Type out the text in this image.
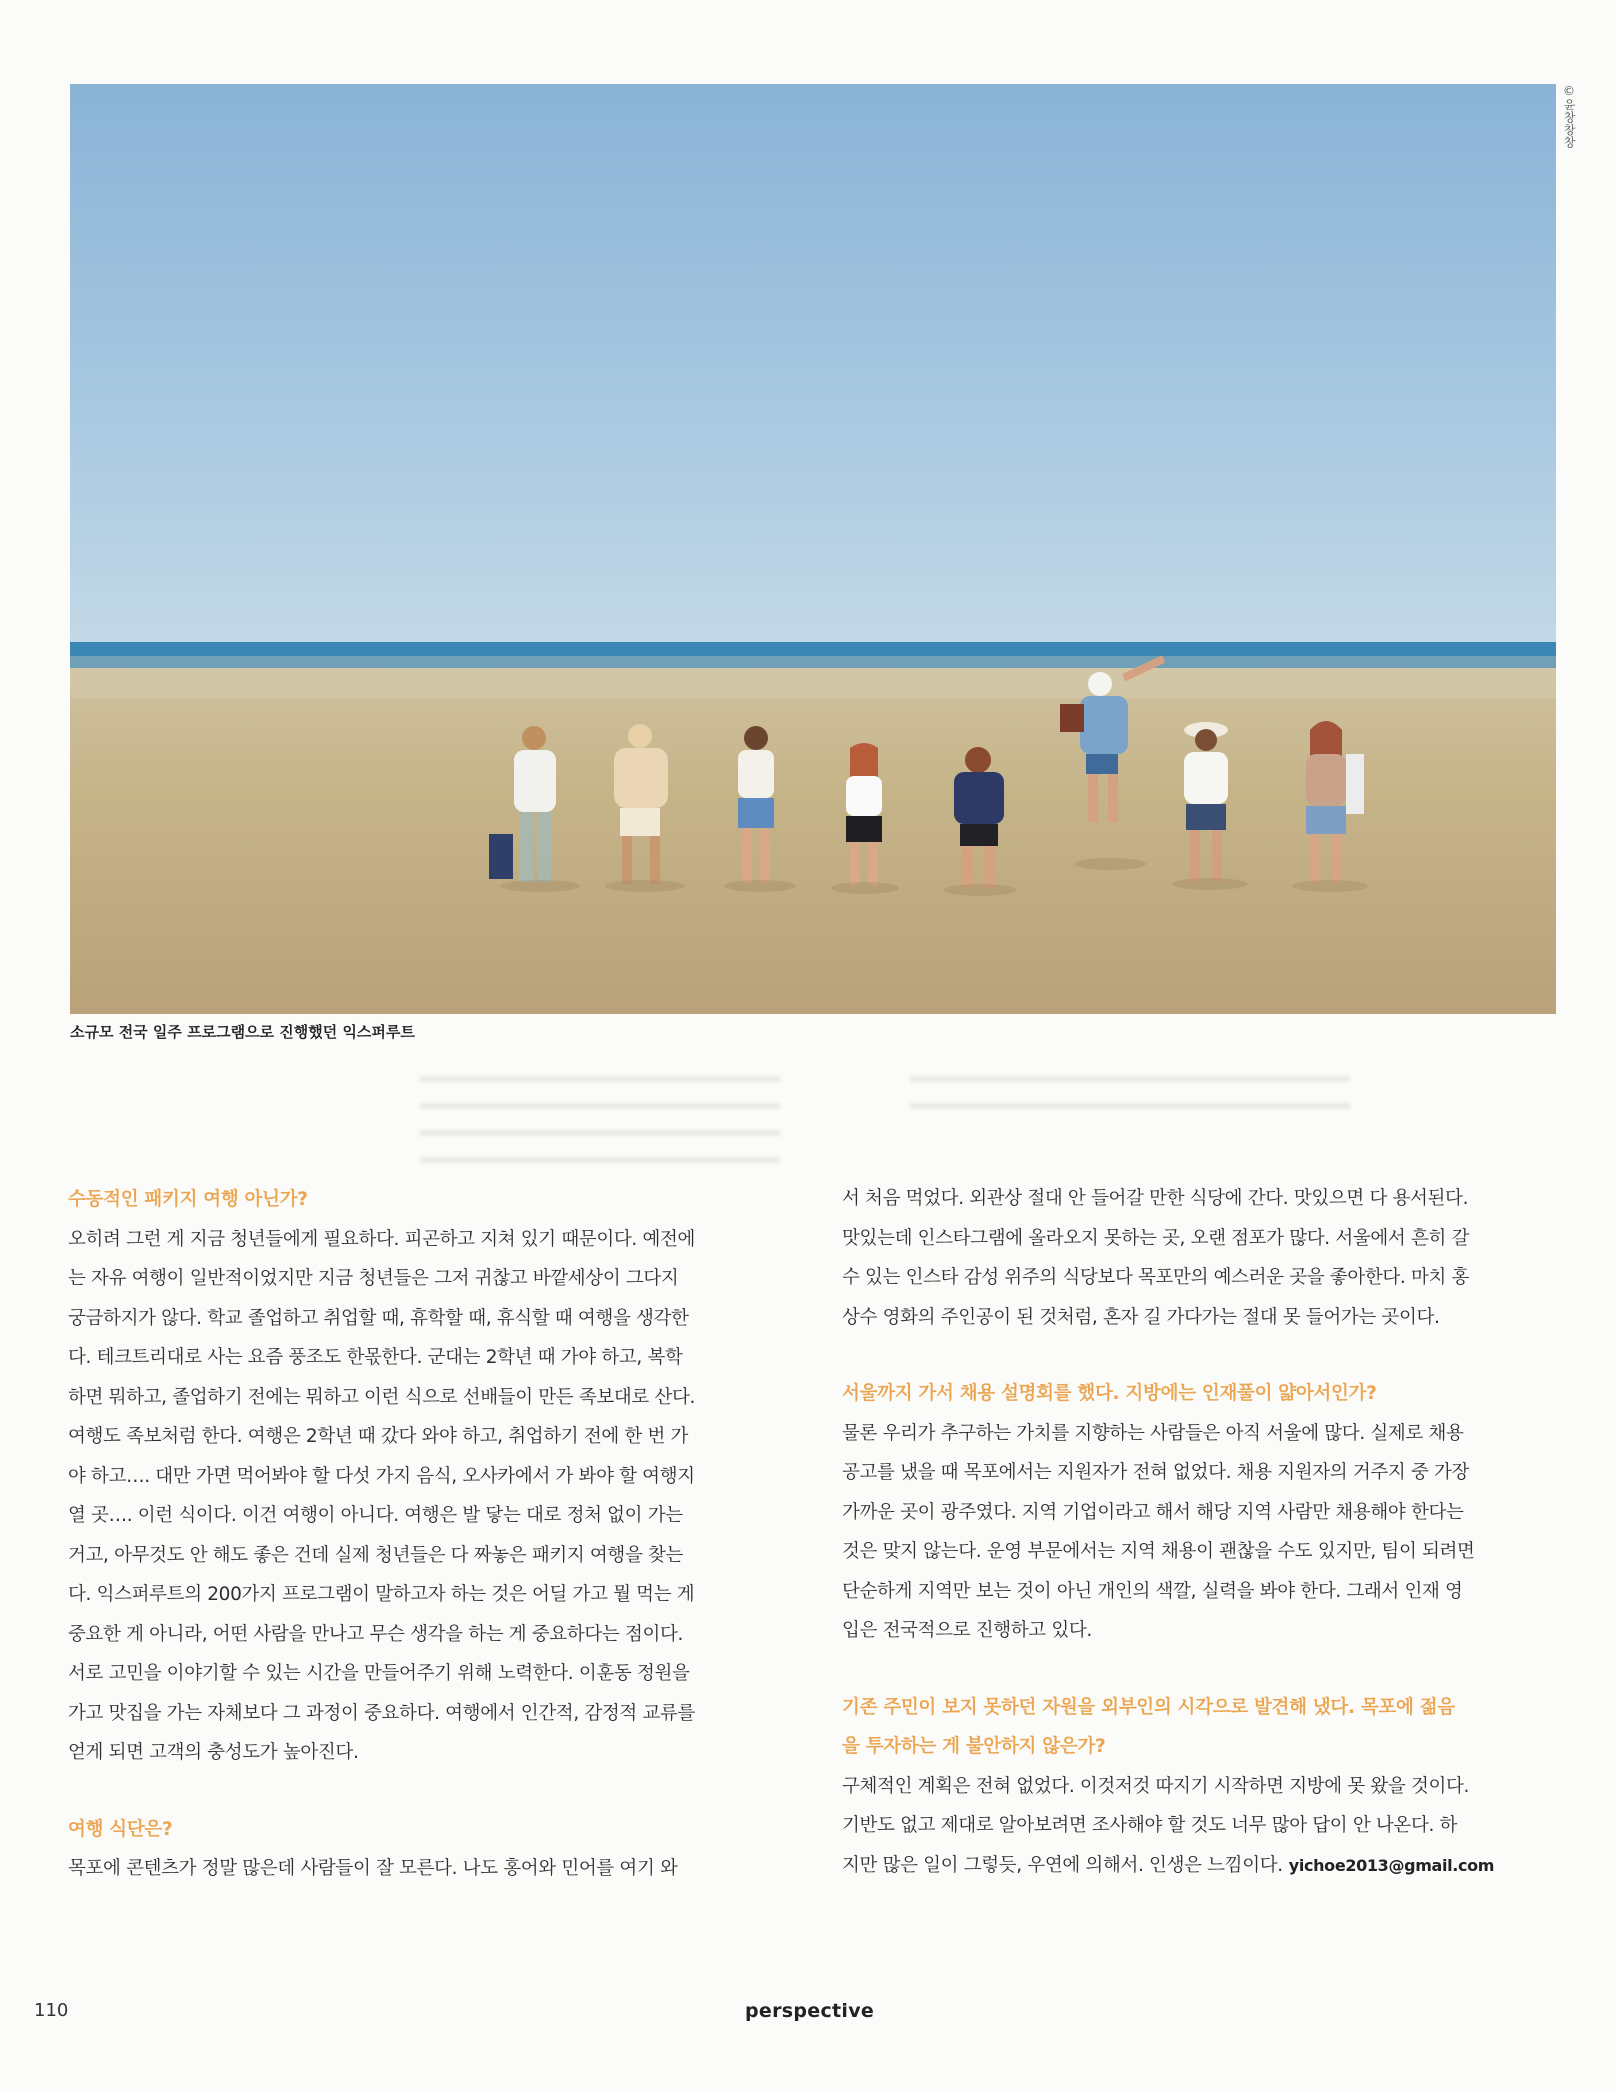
©윤창창창
소규모 전국 일주 프로그램으로 진행했던 익스퍼루트
수동적인 패키지 여행 아닌가?
오히려 그런 게 지금 청년들에게 필요하다. 피곤하고 지쳐 있기 때문이다. 예전에
는 자유 여행이 일반적이었지만 지금 청년들은 그저 귀찮고 바깥세상이 그다지
궁금하지가 않다. 학교 졸업하고 취업할 때, 휴학할 때, 휴식할 때 여행을 생각한
다. 테크트리대로 사는 요즘 풍조도 한몫한다. 군대는 2학년 때 가야 하고, 복학
하면 뭐하고, 졸업하기 전에는 뭐하고 이런 식으로 선배들이 만든 족보대로 산다.
여행도 족보처럼 한다. 여행은 2학년 때 갔다 와야 하고, 취업하기 전에 한 번 가
야 하고…. 대만 가면 먹어봐야 할 다섯 가지 음식, 오사카에서 가 봐야 할 여행지
열 곳…. 이런 식이다. 이건 여행이 아니다. 여행은 발 닿는 대로 정처 없이 가는
거고, 아무것도 안 해도 좋은 건데 실제 청년들은 다 짜놓은 패키지 여행을 찾는
다. 익스퍼루트의 200가지 프로그램이 말하고자 하는 것은 어딜 가고 뭘 먹는 게
중요한 게 아니라, 어떤 사람을 만나고 무슨 생각을 하는 게 중요하다는 점이다.
서로 고민을 이야기할 수 있는 시간을 만들어주기 위해 노력한다. 이훈동 정원을
가고 맛집을 가는 자체보다 그 과정이 중요하다. 여행에서 인간적, 감정적 교류를
얻게 되면 고객의 충성도가 높아진다.
여행 식단은?
목포에 콘텐츠가 정말 많은데 사람들이 잘 모른다. 나도 홍어와 민어를 여기 와
서 처음 먹었다. 외관상 절대 안 들어갈 만한 식당에 간다. 맛있으면 다 용서된다.
맛있는데 인스타그램에 올라오지 못하는 곳, 오랜 점포가 많다. 서울에서 흔히 갈
수 있는 인스타 감성 위주의 식당보다 목포만의 예스러운 곳을 좋아한다. 마치 홍
상수 영화의 주인공이 된 것처럼, 혼자 길 가다가는 절대 못 들어가는 곳이다.
서울까지 가서 채용 설명회를 했다. 지방에는 인재풀이 얇아서인가?
물론 우리가 추구하는 가치를 지향하는 사람들은 아직 서울에 많다. 실제로 채용
공고를 냈을 때 목포에서는 지원자가 전혀 없었다. 채용 지원자의 거주지 중 가장
가까운 곳이 광주였다. 지역 기업이라고 해서 해당 지역 사람만 채용해야 한다는
것은 맞지 않는다. 운영 부문에서는 지역 채용이 괜찮을 수도 있지만, 팀이 되려면
단순하게 지역만 보는 것이 아닌 개인의 색깔, 실력을 봐야 한다. 그래서 인재 영
입은 전국적으로 진행하고 있다.
기존 주민이 보지 못하던 자원을 외부인의 시각으로 발견해 냈다. 목포에 젊음
을 투자하는 게 불안하지 않은가?
구체적인 계획은 전혀 없었다. 이것저것 따지기 시작하면 지방에 못 왔을 것이다.
기반도 없고 제대로 알아보려면 조사해야 할 것도 너무 많아 답이 안 나온다. 하
지만 많은 일이 그렇듯, 우연에 의해서. 인생은 느낌이다. yichoe2013@gmail.com
110	perspective
